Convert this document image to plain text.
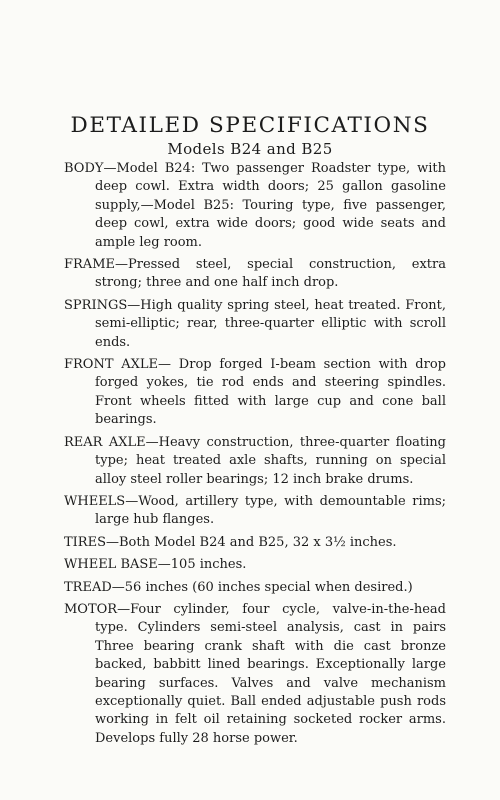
DETAILED SPECIFICATIONS
Models B24 and B25

BODY—Model B24: Two passenger Roadster type, with deep cowl. Extra width doors; 25 gallon gasoline supply,—Model B25: Touring type, five passenger, deep cowl, extra wide doors; good wide seats and ample leg room.

FRAME—Pressed steel, special construction, extra strong; three and one half inch drop.

SPRINGS—High quality spring steel, heat treated. Front, semi-elliptic; rear, three-quarter elliptic with scroll ends.

FRONT AXLE— Drop forged I-beam section with drop forged yokes, tie rod ends and steering spindles. Front wheels fitted with large cup and cone ball bearings.

REAR AXLE—Heavy construction, three-quarter floating type; heat treated axle shafts, running on special alloy steel roller bearings; 12 inch brake drums.

WHEELS—Wood, artillery type, with demountable rims; large hub flanges.

TIRES—Both Model B24 and B25, 32 x 3½ inches.

WHEEL BASE—105 inches.

TREAD—56 inches (60 inches special when desired.)

MOTOR—Four cylinder, four cycle, valve-in-the-head type. Cylinders semi-steel analysis, cast in pairs Three bearing crank shaft with die cast bronze backed, babbitt lined bearings. Exceptionally large bearing surfaces. Valves and valve mechanism exceptionally quiet. Ball ended adjustable push rods working in felt oil retaining socketed rocker arms. Develops fully 28 horse power.
